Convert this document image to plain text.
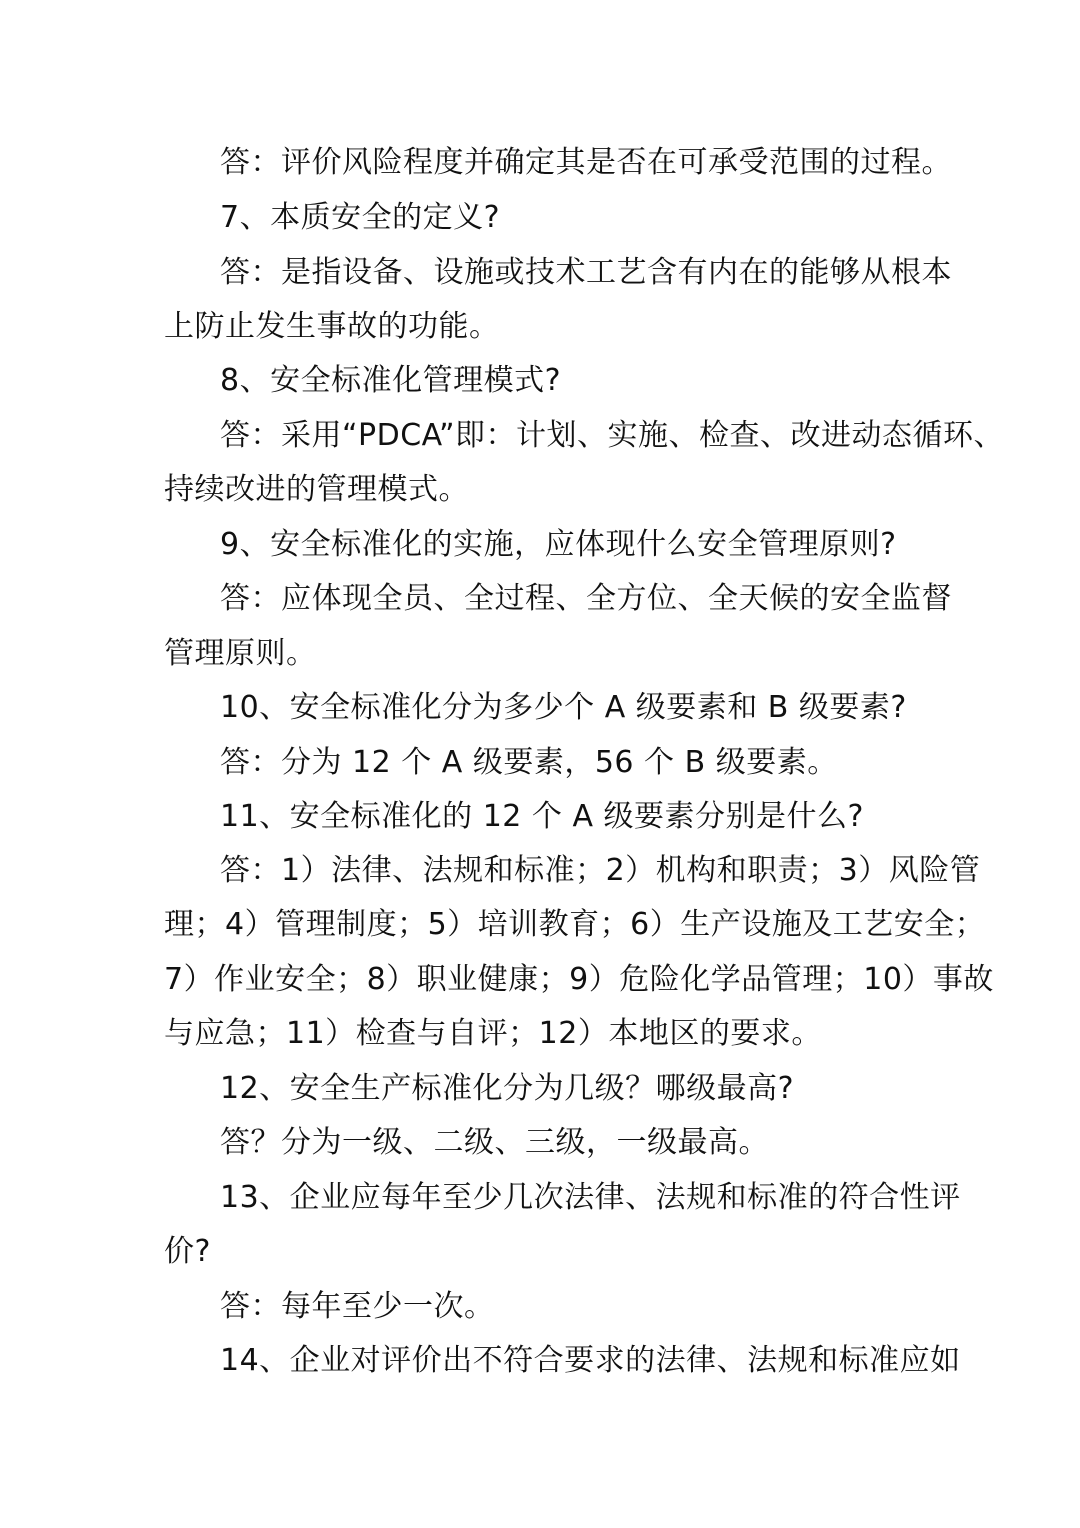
答：评价风险程度并确定其是否在可承受范围的过程。
7、本质安全的定义?
答：是指设备、设施或技术工艺含有内在的能够从根本
上防止发生事故的功能。
8、安全标准化管理模式?
答：采用“PDCA”即：计划、实施、检查、改进动态循环、
持续改进的管理模式。
9、安全标准化的实施，应体现什么安全管理原则?
答：应体现全员、全过程、全方位、全天候的安全监督
管理原则。
10、安全标准化分为多少个 A 级要素和 B 级要素?
答：分为 12 个 A 级要素，56 个 B 级要素。
11、安全标准化的 12 个 A 级要素分别是什么?
答：1）法律、法规和标准；2）机构和职责；3）风险管
理；4）管理制度；5）培训教育；6）生产设施及工艺安全；
7）作业安全；8）职业健康；9）危险化学品管理；10）事故
与应急；11）检查与自评；12）本地区的要求。
12、安全生产标准化分为几级？哪级最高?
答？分为一级、二级、三级，一级最高。
13、企业应每年至少几次法律、法规和标准的符合性评
价?
答：每年至少一次。
14、企业对评价出不符合要求的法律、法规和标准应如
